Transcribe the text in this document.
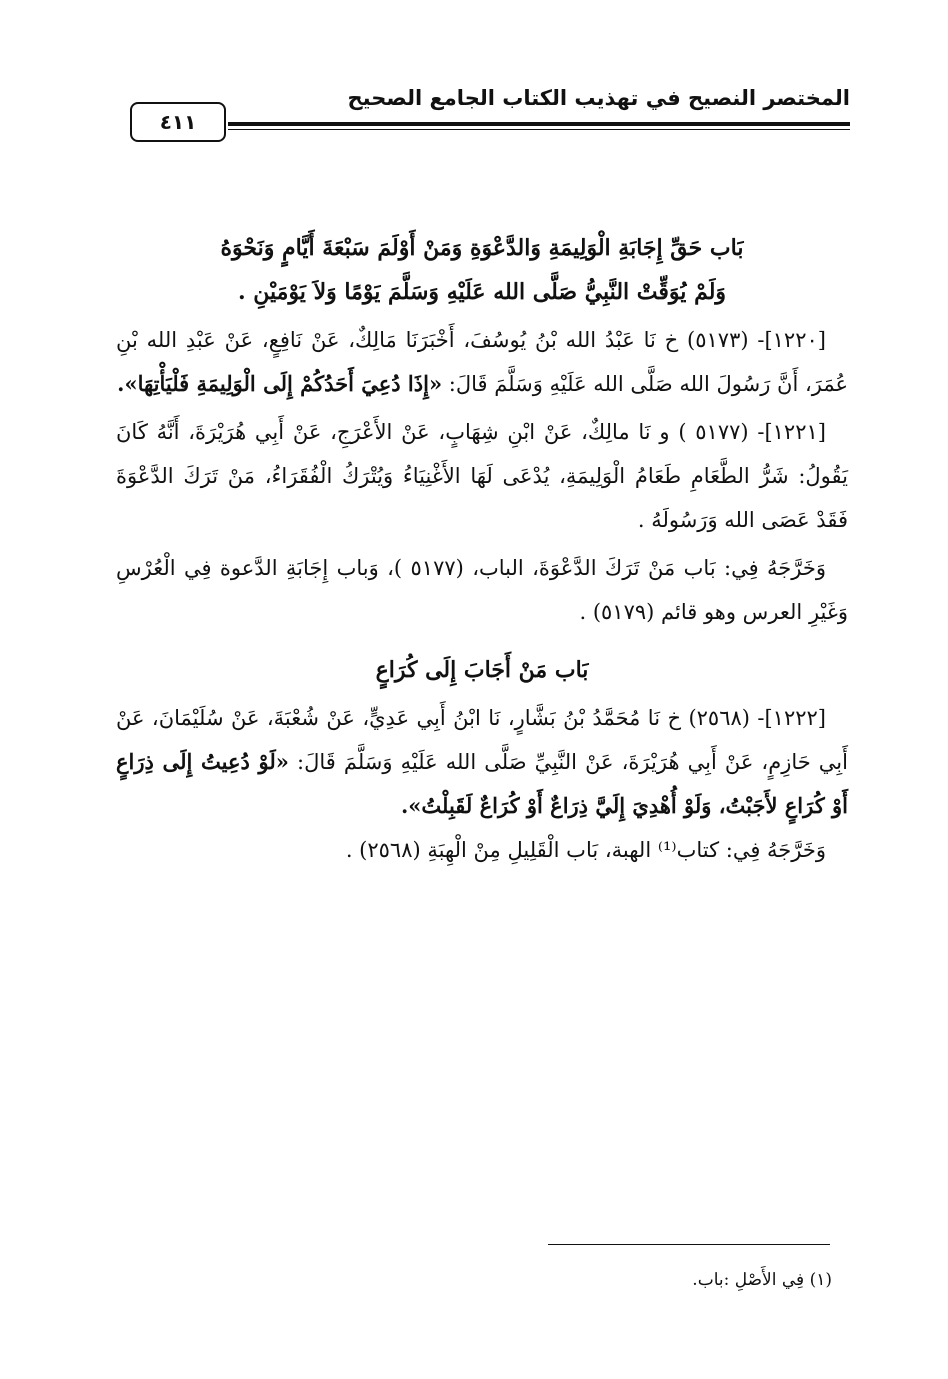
المختصر النصيح في تهذيب الكتاب الجامع الصحيح
٤١١

بَاب حَقِّ إِجَابَةِ الْوَلِيمَةِ وَالدَّعْوَةِ وَمَنْ أَوْلَمَ سَبْعَةَ أَيَّامٍ وَنَحْوَهُ

وَلَمْ يُوَقِّتْ النَّبِيُّ صَلَّى الله عَلَيْهِ وَسَلَّمَ يَوْمًا وَلاَ يَوْمَيْنِ .

[١٢٢٠]- (٥١٧٣) خ نَا عَبْدُ الله بْنُ يُوسُفَ، أَخْبَرَنَا مَالِكٌ، عَنْ نَافِعٍ، عَنْ عَبْدِ الله بْنِ عُمَرَ، أَنَّ رَسُولَ الله صَلَّى الله عَلَيْهِ وَسَلَّمَ قَالَ: «إِذَا دُعِيَ أَحَدُكُمْ إِلَى الْوَلِيمَةِ فَلْيَأْتِهَا».

[١٢٢١]- (٥١٧٧ ) و نَا مالِكٌ، عَنْ ابْنِ شِهَابٍ، عَنْ الأَعْرَجِ، عَنْ أَبِي هُرَيْرَةَ، أَنَّهُ كَانَ يَقُولُ: شَرُّ الطَّعَامِ طَعَامُ الْوَلِيمَةِ، يُدْعَى لَهَا الأَغْنِيَاءُ وَيُتْرَكُ الْفُقَرَاءُ، مَنْ تَرَكَ الدَّعْوَةَ فَقَدْ عَصَى الله وَرَسُولَهُ .

وَخَرَّجَهُ فِي: بَاب مَنْ تَرَكَ الدَّعْوَةَ، الباب، (٥١٧٧ )، وَباب إِجَابَةِ الدَّعوة فِي الْعُرْسِ وَغَيْرِ العرس وهو قائم (٥١٧٩) .

بَاب مَنْ أَجَابَ إِلَى كُرَاعٍ

[١٢٢٢]- (٢٥٦٨) خ نَا مُحَمَّدُ بْنُ بَشَّارٍ، نَا ابْنُ أَبِي عَدِيٍّ، عَنْ شُعْبَةَ، عَنْ سُلَيْمَانَ، عَنْ أَبِي حَازِمٍ، عَنْ أَبِي هُرَيْرَةَ، عَنْ النَّبِيِّ صَلَّى الله عَلَيْهِ وَسَلَّمَ قَالَ: «لَوْ دُعِيتُ إِلَى ذِرَاعٍ أَوْ كُرَاعٍ لأَجَبْتُ، وَلَوْ أُهْدِيَ إِلَيَّ ذِرَاعٌ أَوْ كُرَاعٌ لَقَبِلْتُ».

وَخَرَّجَهُ فِي: كتاب⁽¹⁾ الهبة، بَاب الْقَلِيلِ مِنْ الْهِبَةِ (٢٥٦٨) .

(١) فِي الأَصْلِ :باب.
